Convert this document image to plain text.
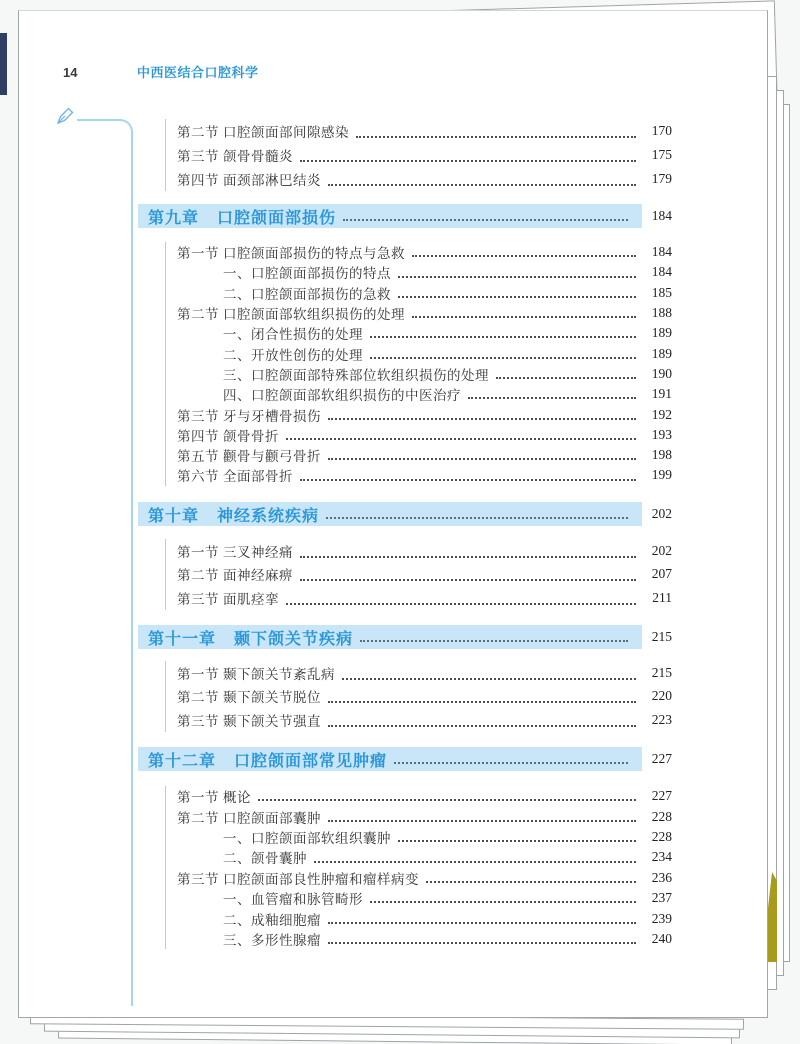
14	中西医结合口腔科学
第二节 口腔颌面部间隙感染	170
第三节 颌骨骨髓炎	175
第四节 面颈部淋巴结炎	179
第九章 口腔颌面部损伤	184
第一节 口腔颌面部损伤的特点与急救	184
一、口腔颌面部损伤的特点	184
二、口腔颌面部损伤的急救	185
第二节 口腔颌面部软组织损伤的处理	188
一、闭合性损伤的处理	189
二、开放性创伤的处理	189
三、口腔颌面部特殊部位软组织损伤的处理	190
四、口腔颌面部软组织损伤的中医治疗	191
第三节 牙与牙槽骨损伤	192
第四节 颌骨骨折	193
第五节 颧骨与颧弓骨折	198
第六节 全面部骨折	199
第十章 神经系统疾病	202
第一节 三叉神经痛	202
第二节 面神经麻痹	207
第三节 面肌痉挛	211
第十一章 颞下颌关节疾病	215
第一节 颞下颌关节紊乱病	215
第二节 颞下颌关节脱位	220
第三节 颞下颌关节强直	223
第十二章 口腔颌面部常见肿瘤	227
第一节 概论	227
第二节 口腔颌面部囊肿	228
一、口腔颌面部软组织囊肿	228
二、颌骨囊肿	234
第三节 口腔颌面部良性肿瘤和瘤样病变	236
一、血管瘤和脉管畸形	237
二、成釉细胞瘤	239
三、多形性腺瘤	240
